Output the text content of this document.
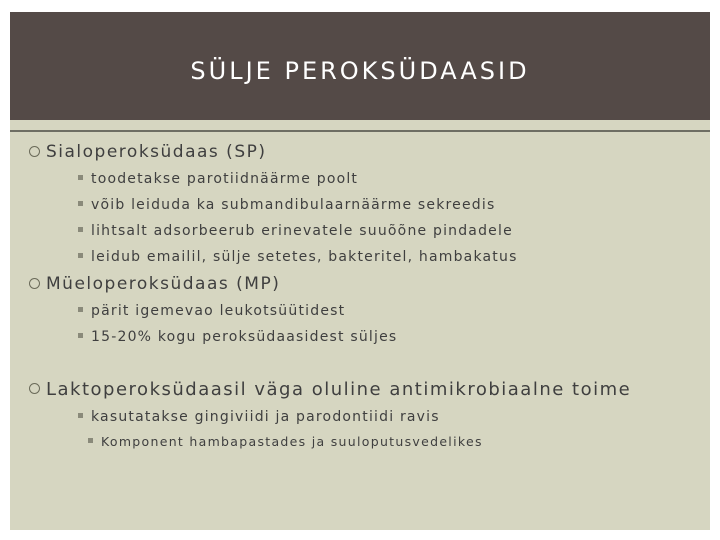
SÜLJE PEROKSÜDAASID
Sialoperoksüdaas (SP)
toodetakse parotiidnäärme poolt
võib leiduda ka submandibulaarnäärme sekreedis
lihtsalt adsorbeerub erinevatele suuõõne pindadele
leidub emailil, sülje setetes, bakteritel, hambakatus
Müeloperoksüdaas (MP)
pärit igemevao leukotsüütidest
15-20% kogu peroksüdaasidest süljes
Laktoperoksüdaasil väga oluline antimikrobiaalne toime
kasutatakse gingiviidi ja parodontiidi ravis
Komponent hambapastades ja suuloputusvedelikes
